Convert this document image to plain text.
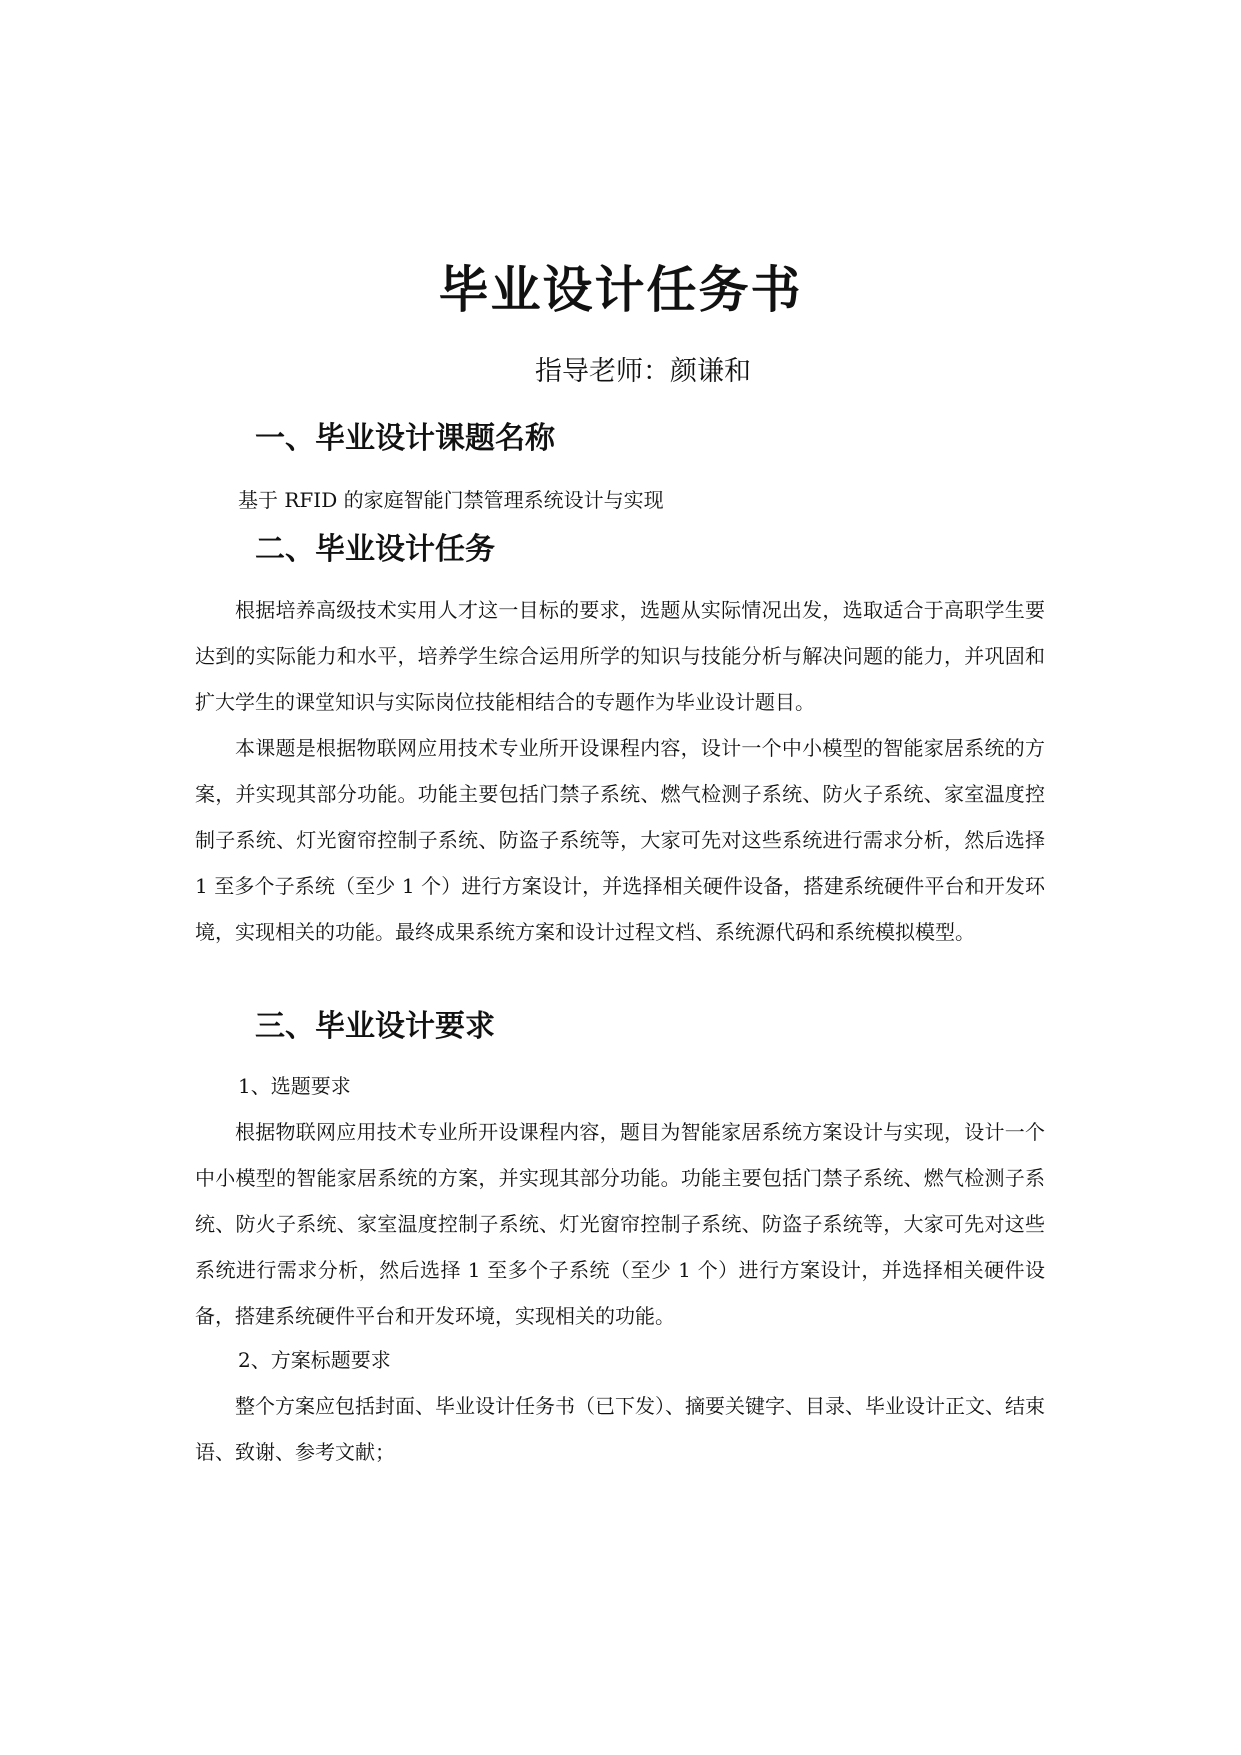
毕业设计任务书

指导老师：颜谦和

一、毕业设计课题名称
基于 RFID 的家庭智能门禁管理系统设计与实现
二、毕业设计任务

根据培养高级技术实用人才这一目标的要求，选题从实际情况出发，选取适合于高职学生要达到的实际能力和水平，培养学生综合运用所学的知识与技能分析与解决问题的能力，并巩固和扩大学生的课堂知识与实际岗位技能相结合的专题作为毕业设计题目。

本课题是根据物联网应用技术专业所开设课程内容，设计一个中小模型的智能家居系统的方案，并实现其部分功能。功能主要包括门禁子系统、燃气检测子系统、防火子系统、家室温度控制子系统、灯光窗帘控制子系统、防盗子系统等，大家可先对这些系统进行需求分析，然后选择 1 至多个子系统（至少 1 个）进行方案设计，并选择相关硬件设备，搭建系统硬件平台和开发环境，实现相关的功能。最终成果系统方案和设计过程文档、系统源代码和系统模拟模型。

三、毕业设计要求

1、选题要求

根据物联网应用技术专业所开设课程内容，题目为智能家居系统方案设计与实现，设计一个中小模型的智能家居系统的方案，并实现其部分功能。功能主要包括门禁子系统、燃气检测子系统、防火子系统、家室温度控制子系统、灯光窗帘控制子系统、防盗子系统等，大家可先对这些系统进行需求分析，然后选择 1 至多个子系统（至少 1 个）进行方案设计，并选择相关硬件设备，搭建系统硬件平台和开发环境，实现相关的功能。

2、方案标题要求

整个方案应包括封面、毕业设计任务书（已下发）、摘要关键字、目录、毕业设计正文、结束语、致谢、参考文献；
